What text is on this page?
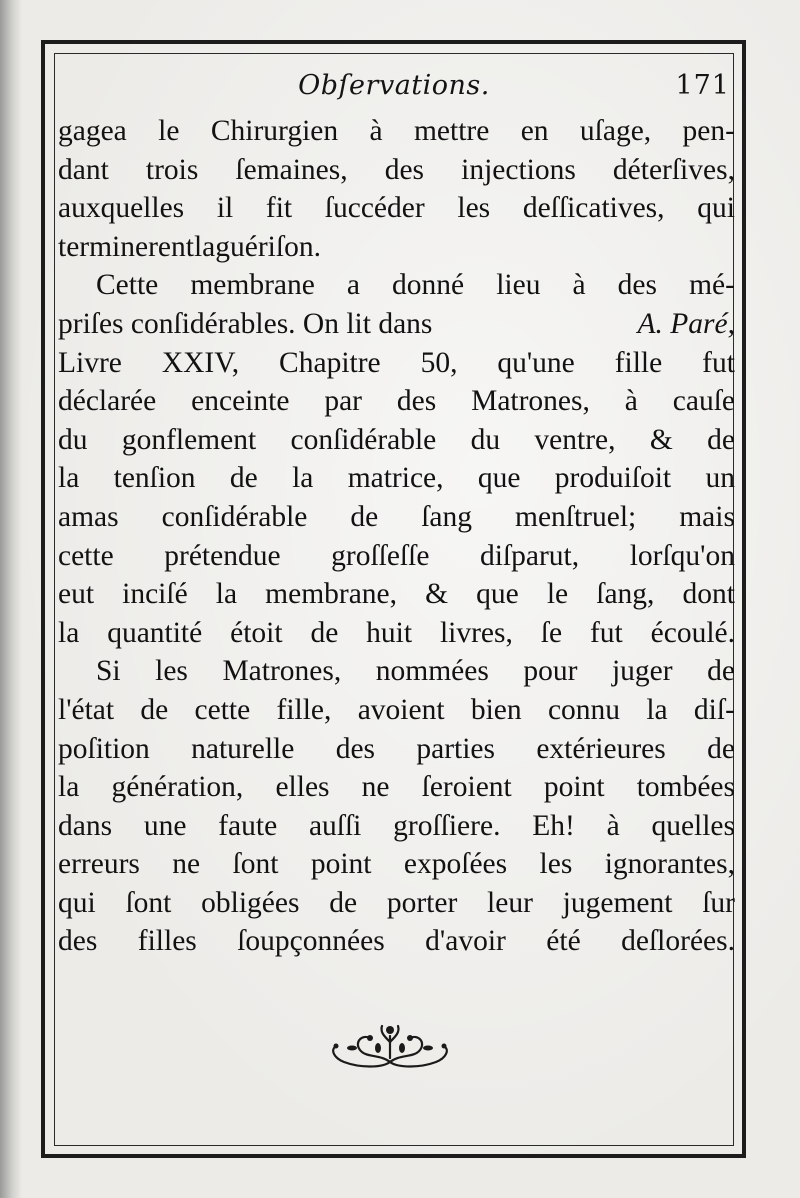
Obſervations.	171
gagea le Chirurgien à mettre en uſage, pen-
dant trois ſemaines, des injections déterſives,
auxquelles il fit ſuccéder les deſſicatives, qui
terminerent la guériſon.
Cette membrane a donné lieu à des mé-
priſes conſidérables. On lit dans	A. Paré,
Livre XXIV, Chapitre 50, qu'une fille fut
déclarée enceinte par des Matrones, à cauſe
du gonflement conſidérable du ventre, & de
la tenſion de la matrice, que produiſoit un
amas conſidérable de ſang menſtruel; mais
cette prétendue groſſeſſe diſparut, lorſqu'on
eut inciſé la membrane, & que le ſang, dont
la quantité étoit de huit livres, ſe fut écoulé.
Si les Matrones, nommées pour juger de
l'état de cette fille, avoient bien connu la diſ-
poſition naturelle des parties extérieures de
la génération, elles ne ſeroient point tombées
dans une faute auſſi groſſiere. Eh! à quelles
erreurs ne ſont point expoſées les ignorantes,
qui ſont obligées de porter leur jugement ſur
des filles ſoupçonnées d'avoir été deſlorées.
